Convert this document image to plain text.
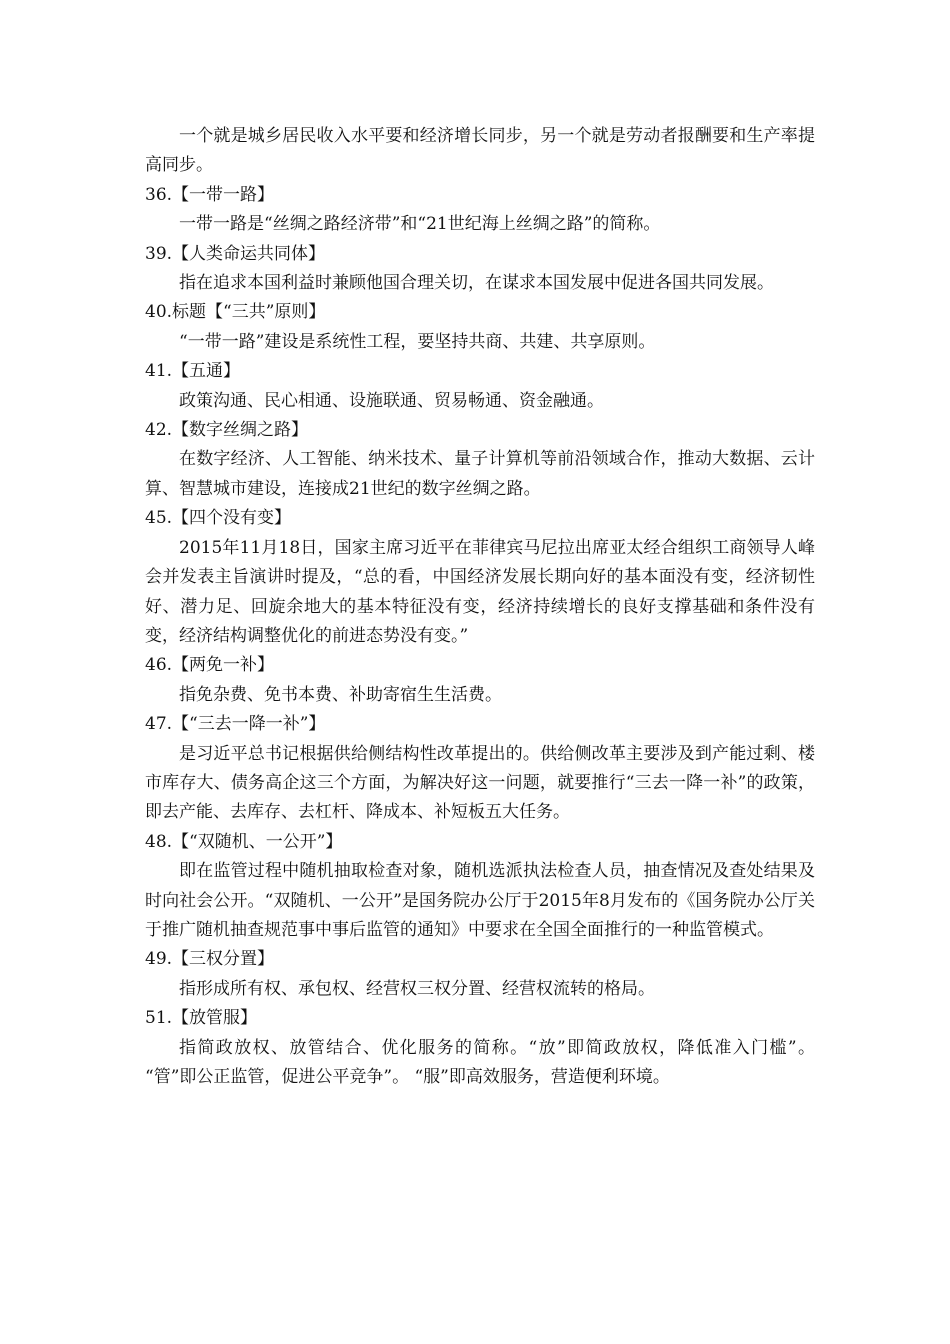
一个就是城乡居民收入水平要和经济增长同步，另一个就是劳动者报酬要和生产率提高同步。

36.【一带一路】

一带一路是“丝绸之路经济带”和“21世纪海上丝绸之路”的简称。

39.【人类命运共同体】

指在追求本国利益时兼顾他国合理关切，在谋求本国发展中促进各国共同发展。

40.标题【“三共”原则】

“一带一路”建设是系统性工程，要坚持共商、共建、共享原则。

41.【五通】

政策沟通、民心相通、设施联通、贸易畅通、资金融通。

42.【数字丝绸之路】

在数字经济、人工智能、纳米技术、量子计算机等前沿领域合作，推动大数据、云计算、智慧城市建设，连接成21世纪的数字丝绸之路。

45.【四个没有变】

2015年11月18日，国家主席习近平在菲律宾马尼拉出席亚太经合组织工商领导人峰会并发表主旨演讲时提及，“总的看，中国经济发展长期向好的基本面没有变，经济韧性好、潜力足、回旋余地大的基本特征没有变，经济持续增长的良好支撑基础和条件没有变，经济结构调整优化的前进态势没有变。”

46.【两免一补】

指免杂费、免书本费、补助寄宿生生活费。

47.【“三去一降一补”】

是习近平总书记根据供给侧结构性改革提出的。供给侧改革主要涉及到产能过剩、楼市库存大、债务高企这三个方面，为解决好这一问题，就要推行“三去一降一补”的政策，即去产能、去库存、去杠杆、降成本、补短板五大任务。

48.【“双随机、一公开”】

即在监管过程中随机抽取检查对象，随机选派执法检查人员，抽查情况及查处结果及时向社会公开。“双随机、一公开”是国务院办公厅于2015年8月发布的《国务院办公厅关于推广随机抽查规范事中事后监管的通知》中要求在全国全面推行的一种监管模式。

49.【三权分置】

指形成所有权、承包权、经营权三权分置、经营权流转的格局。

51.【放管服】

指简政放权、放管结合、优化服务的简称。“放”即简政放权，降低准入门槛”。 “管”即公正监管，促进公平竞争”。 “服”即高效服务，营造便利环境。
